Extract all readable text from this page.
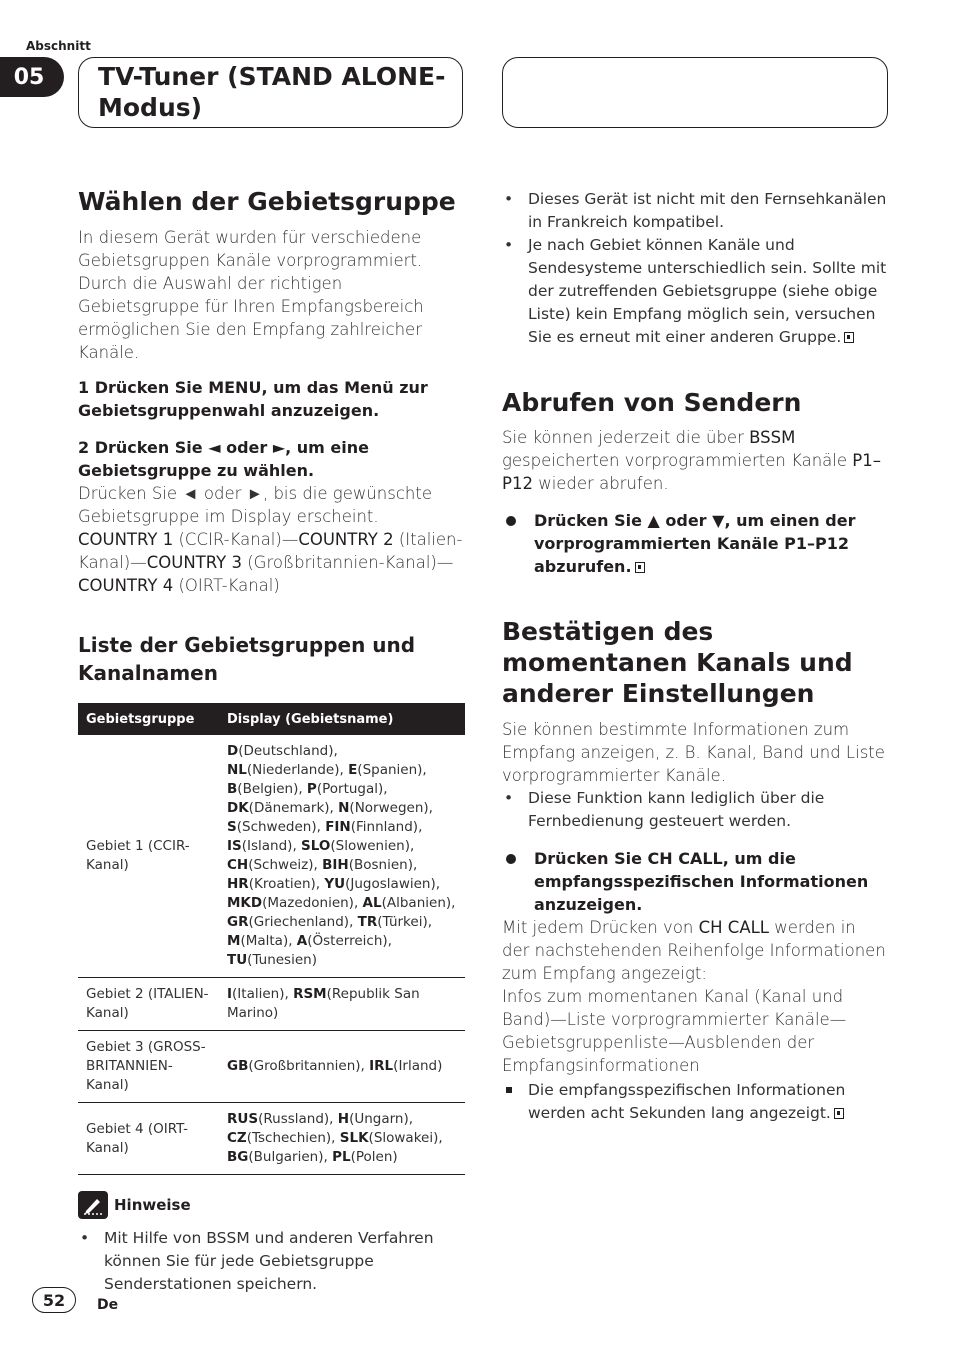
Abschnitt
05	TV-Tuner (STAND ALONE-Modus)
Wählen der Gebietsgruppe

In diesem Gerät wurden für verschiedene Gebietsgruppen Kanäle vorprogrammiert. Durch die Auswahl der richtigen Gebietsgruppe für Ihren Empfangsbereich ermöglichen Sie den Empfang zahlreicher Kanäle.

1 Drücken Sie MENU, um das Menü zur Gebietsgruppenwahl anzuzeigen.

2 Drücken Sie ◄ oder ►, um eine Gebietsgruppe zu wählen.

Drücken Sie ◄ oder ►, bis die gewünschte Gebietsgruppe im Display erscheint.

COUNTRY 1 (CCIR-Kanal)—COUNTRY 2 (Italien-Kanal)—COUNTRY 3 (Großbritannien-Kanal)—COUNTRY 4 (OIRT-Kanal)

Liste der Gebietsgruppen und Kanalnamen
Gebietsgruppe	Display (Gebietsname)
Gebiet 1 (CCIR-Kanal)	D(Deutschland), NL(Niederlande), E(Spanien), B(Belgien), P(Portugal), DK(Dänemark), N(Norwegen), S(Schweden), FIN(Finnland), IS(Island), SLO(Slowenien), CH(Schweiz), BIH(Bosnien), HR(Kroatien), YU(Jugoslawien), MKD(Mazedonien), AL(Albanien), GR(Griechenland), TR(Türkei), M(Malta), A(Österreich), TU(Tunesien)
Gebiet 2 (ITALIEN-Kanal)	I(Italien), RSM(Republik San Marino)
Gebiet 3 (GROSS-BRITANNIEN-Kanal)	GB(Großbritannien), IRL(Irland)
Gebiet 4 (OIRT-Kanal)	RUS(Russland), H(Ungarn), CZ(Tschechien), SLK(Slowakei), BG(Bulgarien), PL(Polen)
Hinweise
• Mit Hilfe von BSSM und anderen Verfahren können Sie für jede Gebietsgruppe Senderstationen speichern.
• Dieses Gerät ist nicht mit den Fernsehkanälen in Frankreich kompatibel.
• Je nach Gebiet können Kanäle und Sendesysteme unterschiedlich sein. Sollte mit der zutreffenden Gebietsgruppe (siehe obige Liste) kein Empfang möglich sein, versuchen Sie es erneut mit einer anderen Gruppe.
Abrufen von Sendern

Sie können jederzeit die über BSSM gespeicherten vorprogrammierten Kanäle P1–P12 wieder abrufen.

Drücken Sie ▲ oder ▼, um einen der vorprogrammierten Kanäle P1–P12 abzurufen.

Bestätigen des momentanen Kanals und anderer Einstellungen

Sie können bestimmte Informationen zum Empfang anzeigen, z. B. Kanal, Band und Liste vorprogrammierter Kanäle.

• Diese Funktion kann lediglich über die Fernbedienung gesteuert werden.

Drücken Sie CH CALL, um die empfangsspezifischen Informationen anzuzeigen.

Mit jedem Drücken von CH CALL werden in der nachstehenden Reihenfolge Informationen zum Empfang angezeigt:

Infos zum momentanen Kanal (Kanal und Band)—Liste vorprogrammierter Kanäle—Gebietsgruppenliste—Ausblenden der Empfangsinformationen

Die empfangsspezifischen Informationen werden acht Sekunden lang angezeigt.

52	De
